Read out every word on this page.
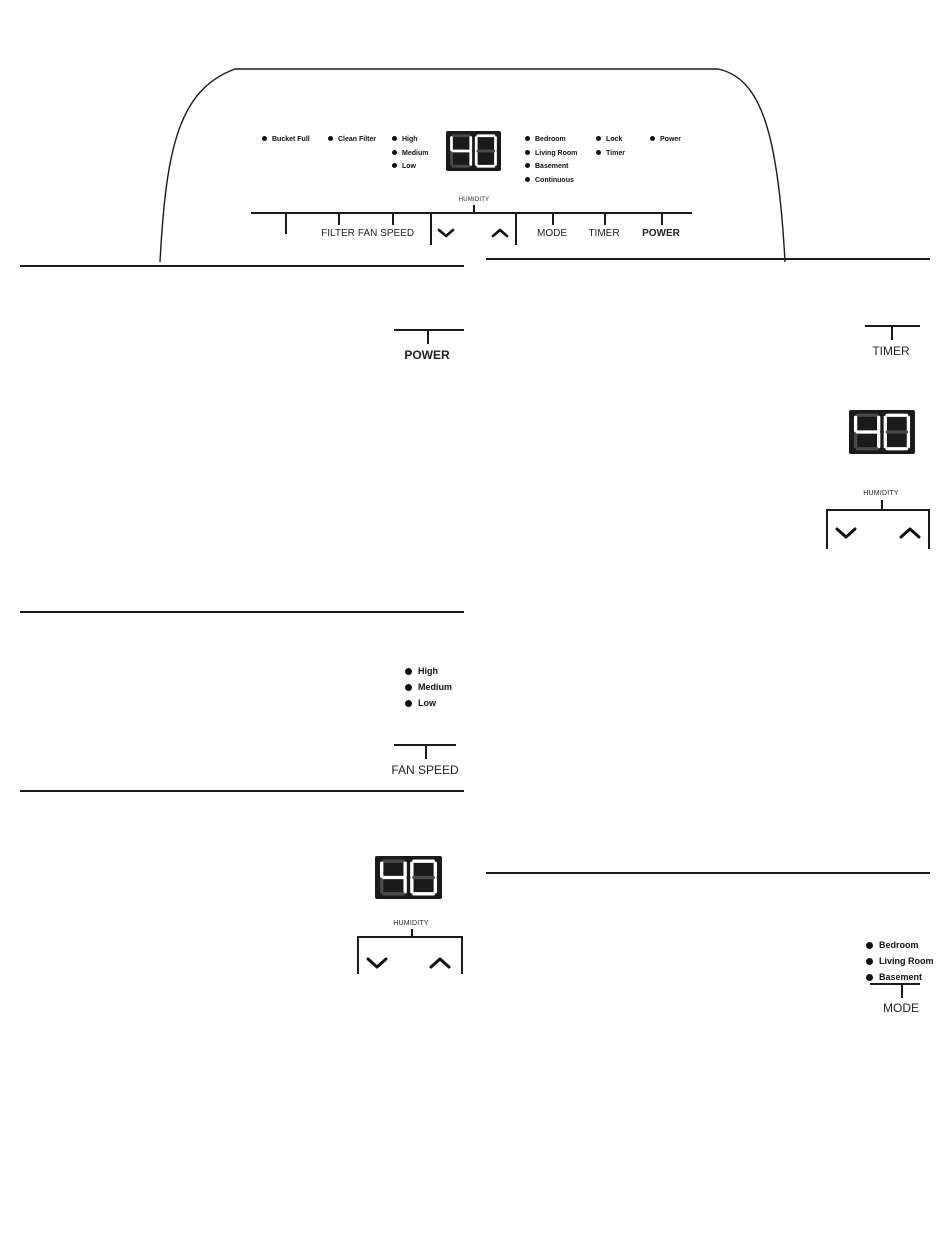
Bucket Full	Clean Filter	High
Medium
Low
Bedroom
Living Room
Basement
Continuous
Lock
Timer
Power
HUMIDITY
FILTER FAN SPEED	MODE TIMER POWER
POWER
High
Medium
Low
FAN SPEED
HUMIDITY
TIMER
HUMIDITY
Bedroom
Living Room
Basement
MODE
